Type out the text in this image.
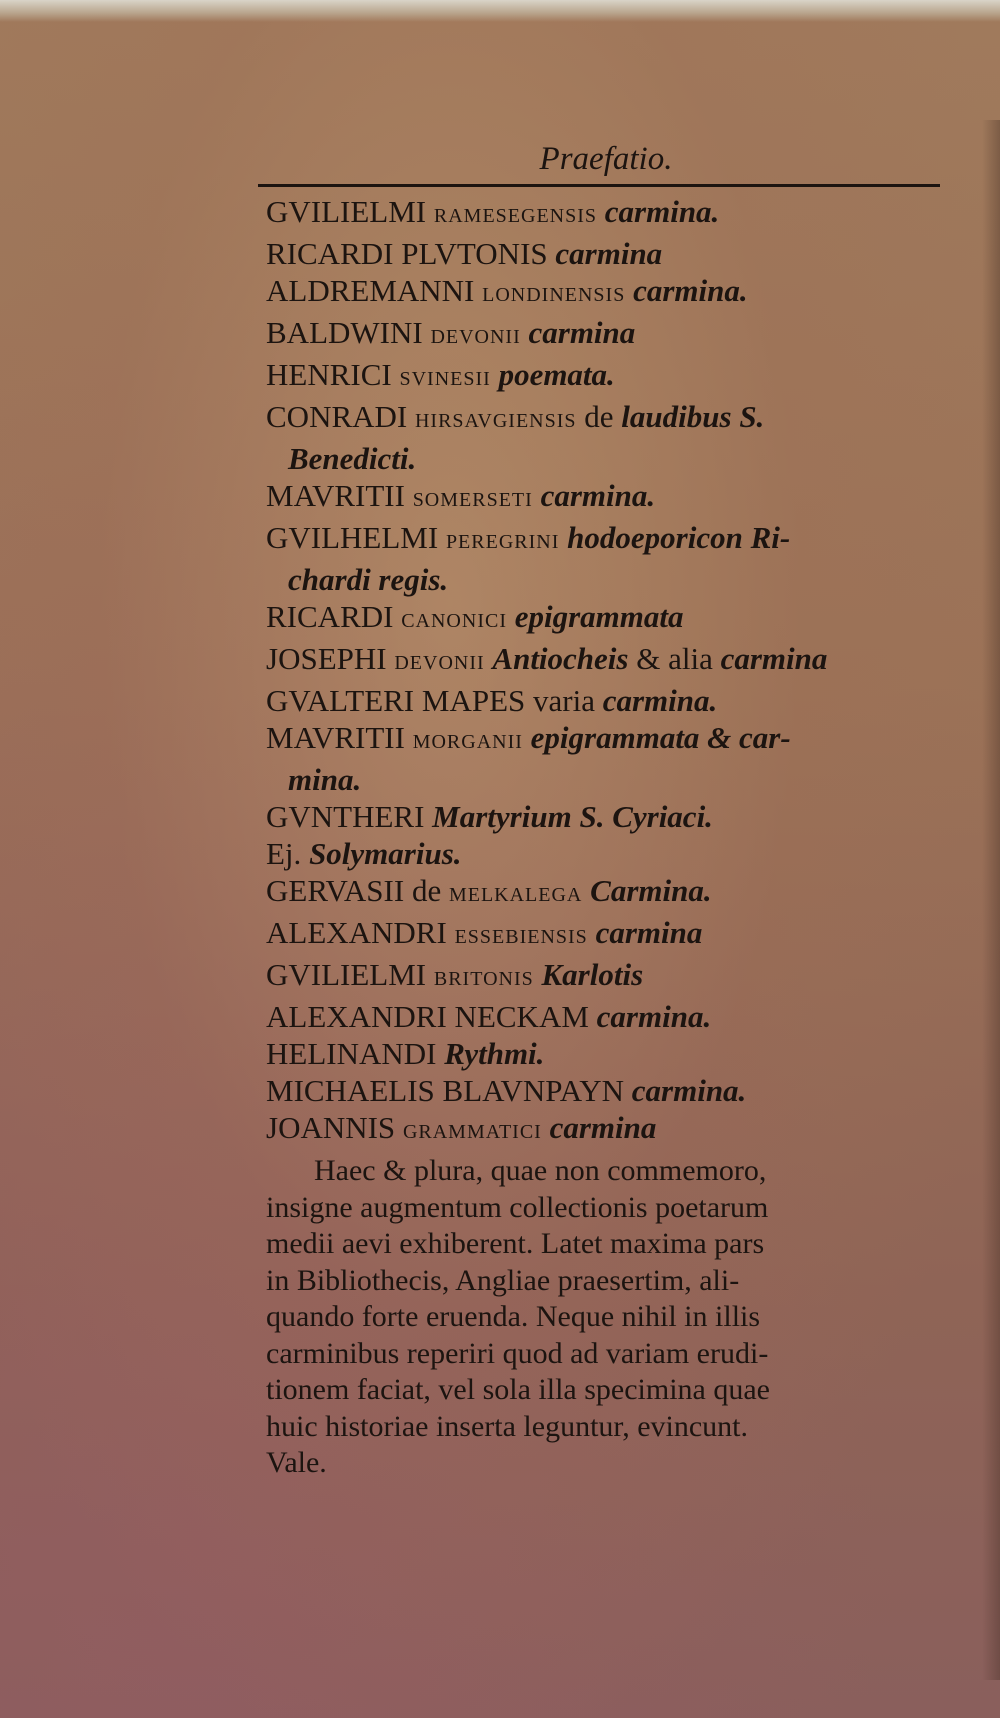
Praefatio.
GVILIELMI RAMESEGENSIS carmina.
RICARDI PLVTONIS carmina
ALDREMANNI LONDINENSIS carmina.
BALDWINI DEVONII carmina
HENRICI SVINESII poemata.
CONRADI HIRSAVGIENSIS de laudibus S.
Benedicti.
MAVRITII SOMERSETI carmina.
GVILHELMI PEREGRINI hodoeporicon Ri-
chardi regis.
RICARDI CANONICI epigrammata
JOSEPHI DEVONII Antiocheis & alia carmina
GVALTERI MAPES varia carmina.
MAVRITII MORGANII epigrammata & car-
mina.
GVNTHERI Martyrium S. Cyriaci.
Ej. Solymarius.
GERVASII de MELKALEGA Carmina.
ALEXANDRI ESSEBIENSIS carmina
GVILIELMI BRITONIS Karlotis
ALEXANDRI NECKAM carmina.
HELINANDI Rythmi.
MICHAELIS BLAVNPAYN carmina.
JOANNIS GRAMMATICI carmina

Haec & plura, quae non commemoro,

insigne augmentum collectionis poetarum

medii aevi exhiberent. Latet maxima pars

in Bibliothecis, Angliae praesertim, ali-

quando forte eruenda. Neque nihil in illis

carminibus reperiri quod ad variam erudi-

tionem faciat, vel sola illa specimina quae

huic historiae inserta leguntur, evincunt.

Vale.
